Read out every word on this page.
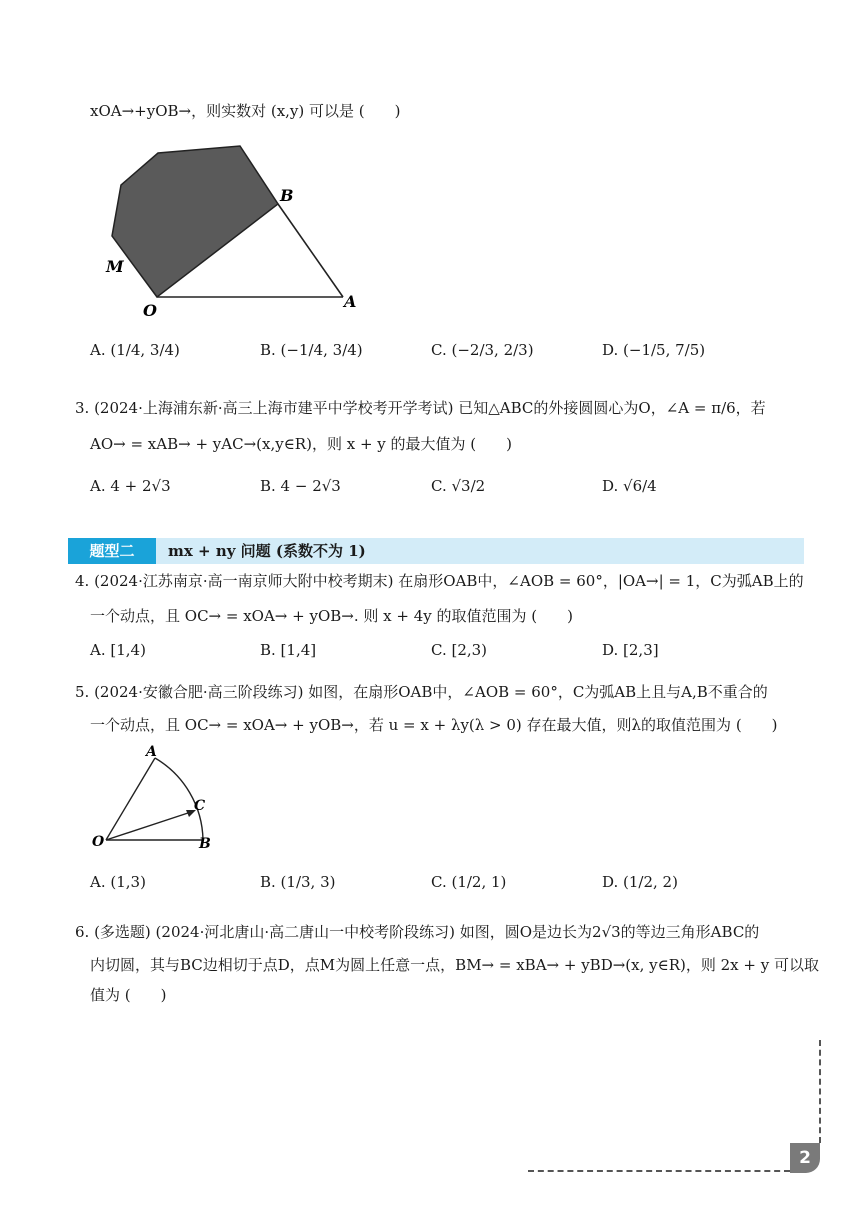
xOA→+yOB→，则实数对 (x,y) 可以是 (　　)
B
M
O	A
A. (1/4, 3/4)	B. (−1/4, 3/4)	C. (−2/3, 2/3)	D. (−1/5, 7/5)
3. (2024·上海浦东新·高三上海市建平中学校考开学考试) 已知△ABC的外接圆圆心为O，∠A = π/6，若
AO→ = xAB→ + yAC→(x,y∈R)，则 x + y 的最大值为 (　　)
A. 4 + 2√3	B. 4 − 2√3	C. √3/2	D. √6/4
题型二	mx + ny 问题 (系数不为 1)
4. (2024·江苏南京·高一南京师大附中校考期末) 在扇形OAB中，∠AOB = 60°，|OA→| = 1，C为弧AB上的
一个动点，且 OC→ = xOA→ + yOB→. 则 x + 4y 的取值范围为 (　　)
A. [1,4)	B. [1,4]	C. [2,3)	D. [2,3]
5. (2024·安徽合肥·高三阶段练习) 如图，在扇形OAB中，∠AOB = 60°，C为弧AB上且与A,B不重合的
一个动点，且 OC→ = xOA→ + yOB→，若 u = x + λy(λ > 0) 存在最大值，则λ的取值范围为 (　　)
A
C
O	B
A. (1,3)	B. (1/3, 3)	C. (1/2, 1)	D. (1/2, 2)
6. (多选题) (2024·河北唐山·高二唐山一中校考阶段练习) 如图，圆O是边长为2√3的等边三角形ABC的
内切圆，其与BC边相切于点D，点M为圆上任意一点，BM→ = xBA→ + yBD→(x, y∈R)，则 2x + y 可以取
值为 (　　)
2
